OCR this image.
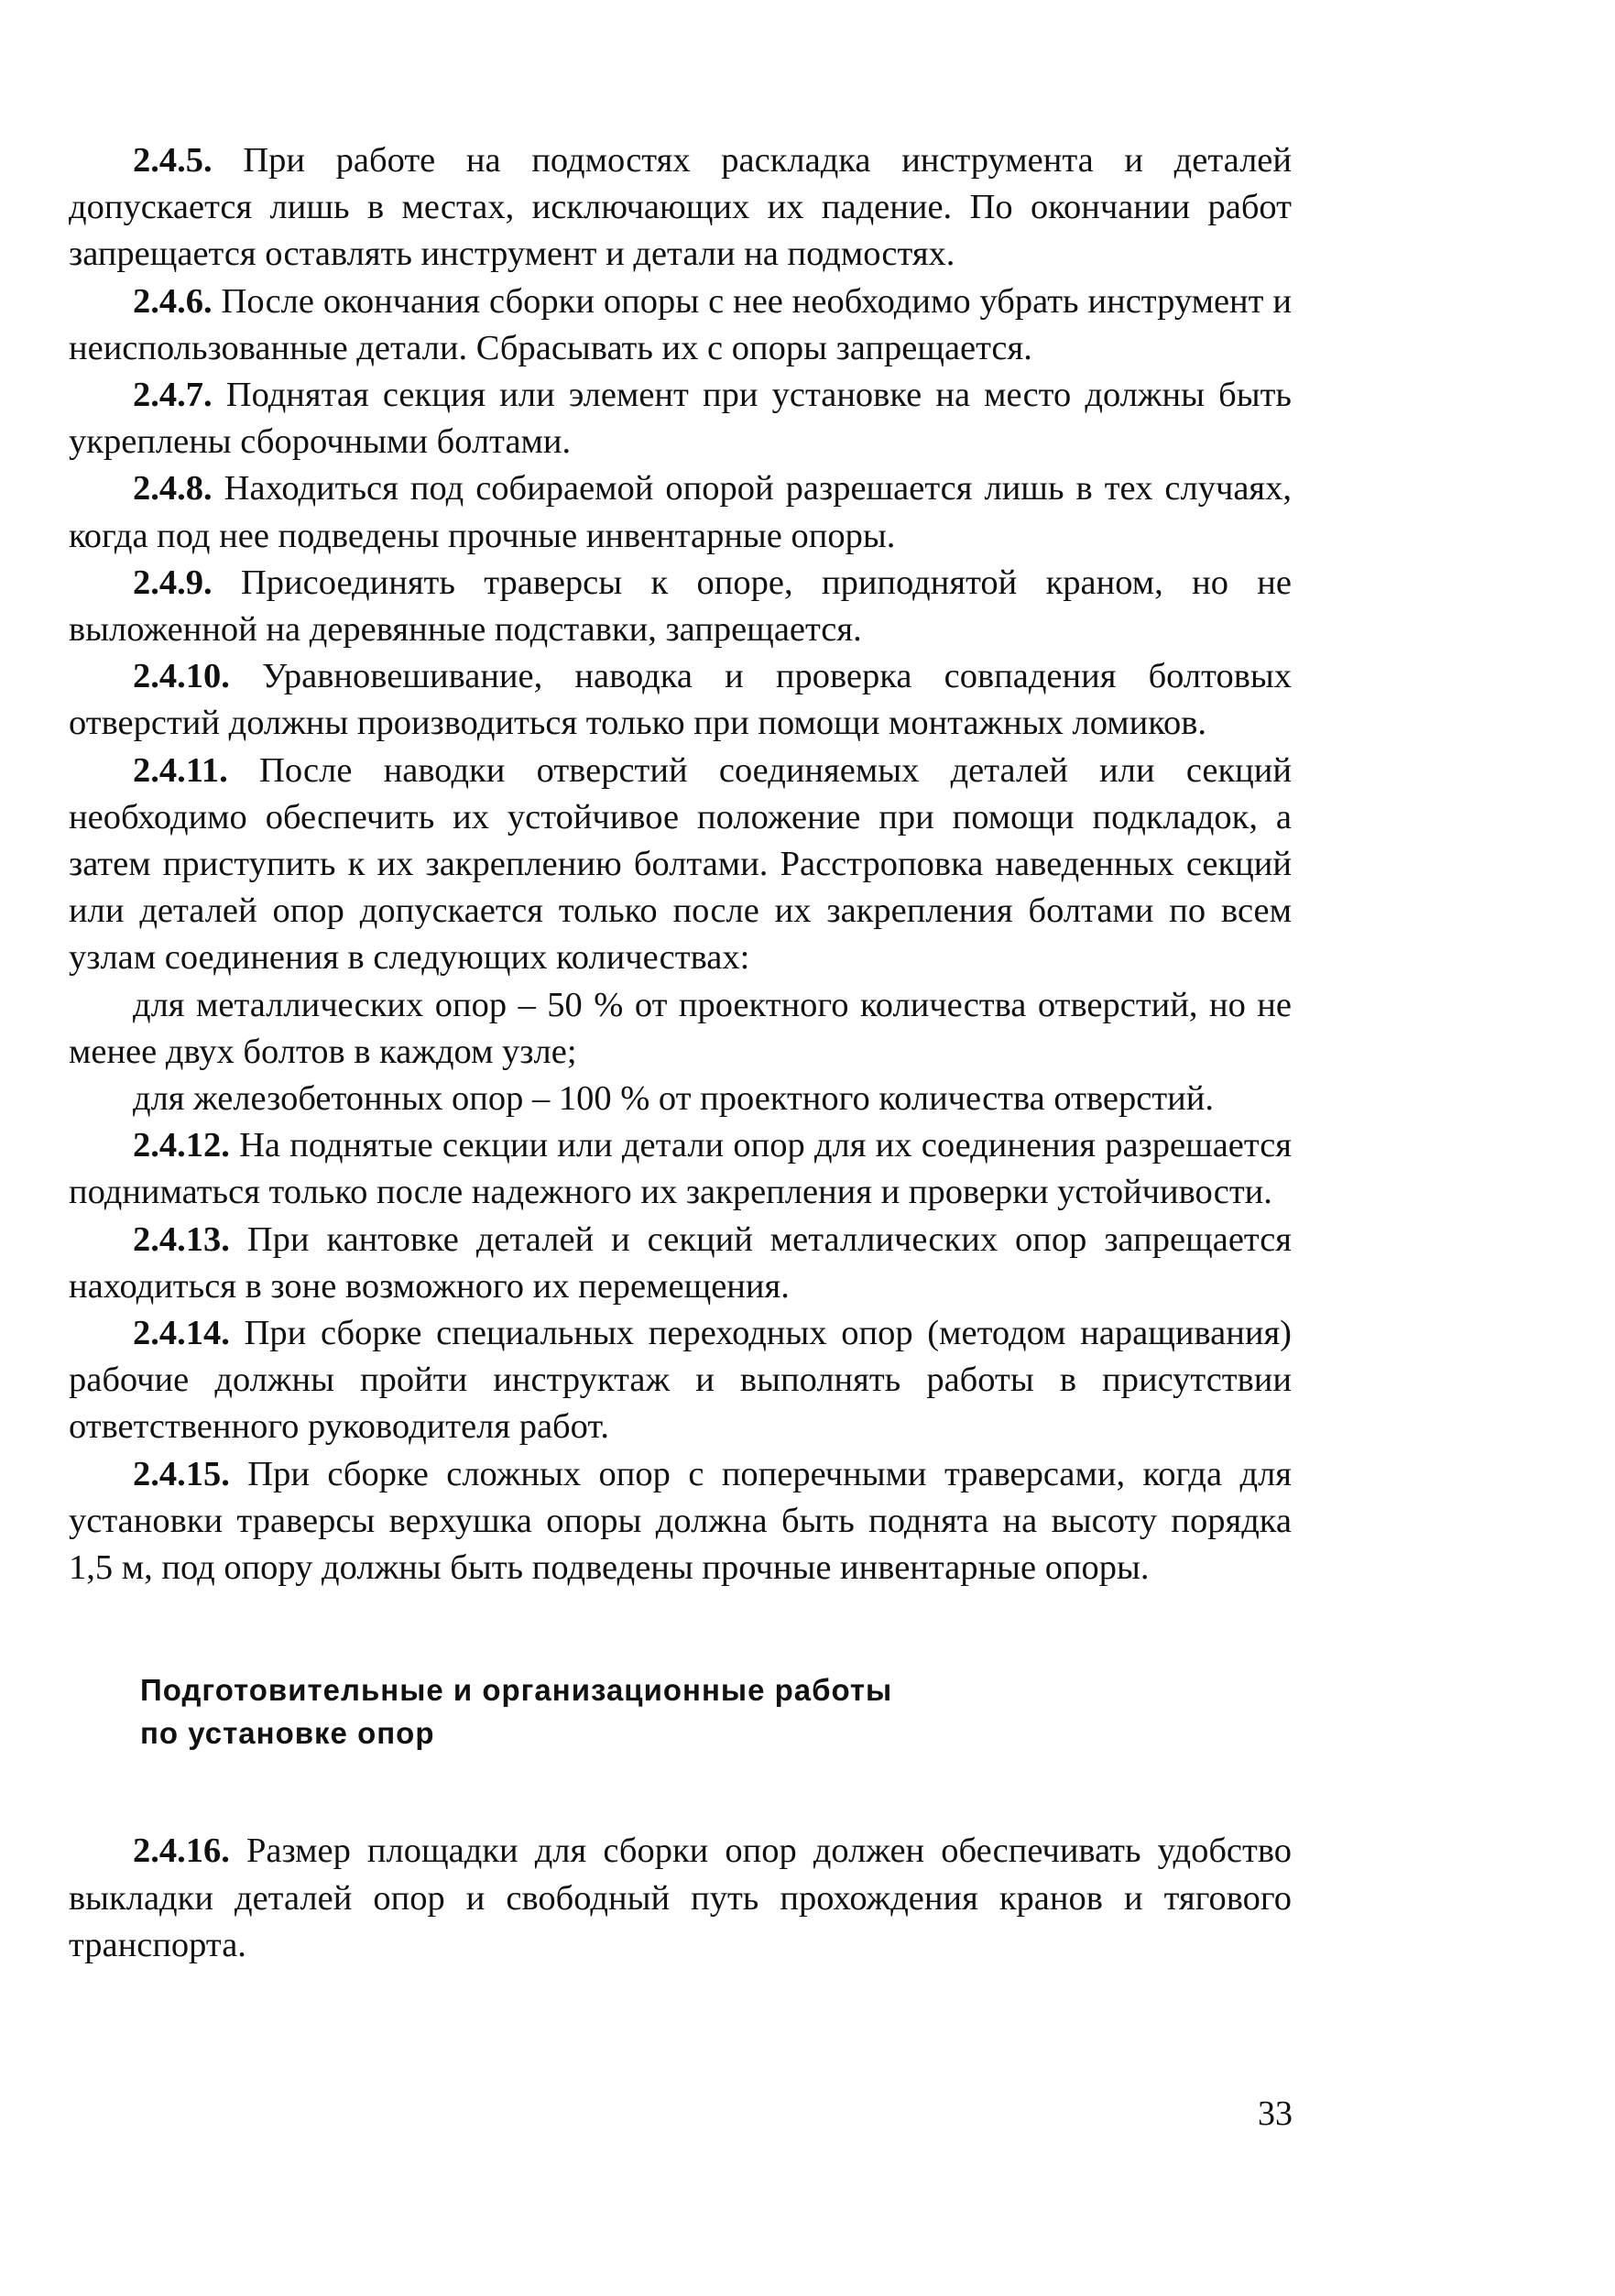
2.4.5. При работе на подмостях раскладка инструмента и деталей допускается лишь в местах, исключающих их падение. По окончании работ запрещается оставлять инструмент и детали на подмостях.

2.4.6. После окончания сборки опоры с нее необходимо убрать инструмент и неиспользованные детали. Сбрасывать их с опоры запрещается.

2.4.7. Поднятая секция или элемент при установке на место должны быть укреплены сборочными болтами.

2.4.8. Находиться под собираемой опорой разрешается лишь в тех случаях, когда под нее подведены прочные инвентарные опоры.

2.4.9. Присоединять траверсы к опоре, приподнятой краном, но не выложенной на деревянные подставки, запрещается.

2.4.10. Уравновешивание, наводка и проверка совпадения болтовых отверстий должны производиться только при помощи монтажных ломиков.

2.4.11. После наводки отверстий соединяемых деталей или секций необходимо обеспечить их устойчивое положение при помощи подкладок, а затем приступить к их закреплению болтами. Расстроповка наведенных секций или деталей опор допускается только после их закрепления болтами по всем узлам соединения в следующих количествах:

для металлических опор – 50 % от проектного количества отверстий, но не менее двух болтов в каждом узле;

для железобетонных опор – 100 % от проектного количества отверстий.

2.4.12. На поднятые секции или детали опор для их соединения разрешается подниматься только после надежного их закрепления и проверки устойчивости.

2.4.13. При кантовке деталей и секций металлических опор запрещается находиться в зоне возможного их перемещения.

2.4.14. При сборке специальных переходных опор (методом наращивания) рабочие должны пройти инструктаж и выполнять работы в присутствии ответственного руководителя работ.

2.4.15. При сборке сложных опор с поперечными траверсами, когда для установки траверсы верхушка опоры должна быть поднята на высоту порядка 1,5 м, под опору должны быть подведены прочные инвентарные опоры.

Подготовительные и организационные работы
по установке опор

2.4.16. Размер площадки для сборки опор должен обеспечивать удобство выкладки деталей опор и свободный путь прохождения кранов и тягового транспорта.

33
